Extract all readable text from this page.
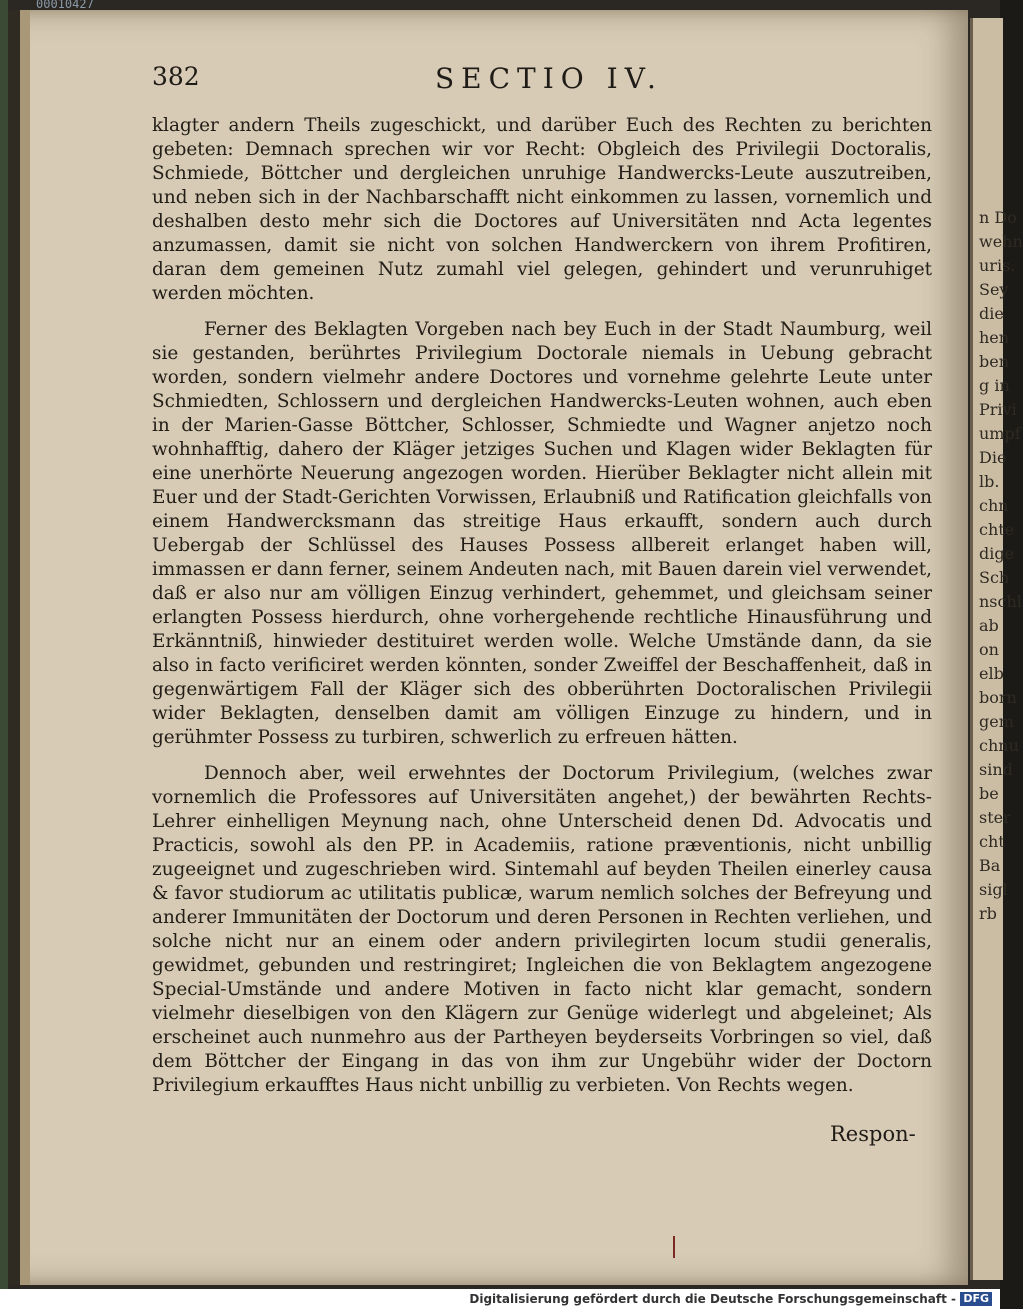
00010427
n Do
wehn
uris.
Sey
die
hen
ben
g in
Privi
umpf
Die
lb.
chn
chte
dige
Sch
nschl
ab
on
elb
born
gem
chnu
sind
be
ster
cht
Ba
sigl
rb
382	SECTIO IV.

klagter andern Theils zugeschickt, und darüber Euch des Rechten zu berichten gebeten: Demnach sprechen wir vor Recht: Obgleich des Privilegii Doctoralis, Schmiede, Böttcher und dergleichen unruhige Handwercks-Leute auszutreiben, und neben sich in der Nachbarschafft nicht einkommen zu lassen, vornemlich und deshalben desto mehr sich die Doctores auf Universitäten nnd Acta legentes anzumassen, damit sie nicht von solchen Handwerckern von ihrem Profitiren, daran dem gemeinen Nutz zumahl viel gelegen, gehindert und verunruhiget werden möchten.

Ferner des Beklagten Vorgeben nach bey Euch in der Stadt Naumburg, weil sie gestanden, berührtes Privilegium Doctorale niemals in Uebung gebracht worden, sondern vielmehr andere Doctores und vornehme gelehrte Leute unter Schmiedten, Schlossern und dergleichen Handwercks-Leuten wohnen, auch eben in der Marien-Gasse Böttcher, Schlosser, Schmiedte und Wagner anjetzo noch wohnhafftig, dahero der Kläger jetziges Suchen und Klagen wider Beklagten für eine unerhörte Neuerung angezogen worden. Hierüber Beklagter nicht allein mit Euer und der Stadt-Gerichten Vorwissen, Erlaubniß und Ratification gleichfalls von einem Handwercksmann das streitige Haus erkaufft, sondern auch durch Uebergab der Schlüssel des Hauses Possess allbereit erlanget haben will, immassen er dann ferner, seinem Andeuten nach, mit Bauen darein viel verwendet, daß er also nur am völligen Einzug verhindert, gehemmet, und gleichsam seiner erlangten Possess hierdurch, ohne vorhergehende rechtliche Hinausführung und Erkänntniß, hinwieder destituiret werden wolle. Welche Umstände dann, da sie also in facto verificiret werden könnten, sonder Zweiffel der Beschaffenheit, daß in gegenwärtigem Fall der Kläger sich des obberührten Doctoralischen Privilegii wider Beklagten, denselben damit am völligen Einzuge zu hindern, und in gerühmter Possess zu turbiren, schwerlich zu erfreuen hätten.

Dennoch aber, weil erwehntes der Doctorum Privilegium, (welches zwar vornemlich die Professores auf Universitäten angehet,) der bewährten Rechts-Lehrer einhelligen Meynung nach, ohne Unterscheid denen Dd. Advocatis und Practicis, sowohl als den PP. in Academiis, ratione præventionis, nicht unbillig zugeeignet und zugeschrieben wird. Sintemahl auf beyden Theilen einerley causa & favor studiorum ac utilitatis publicæ, warum nemlich solches der Befreyung und anderer Immunitäten der Doctorum und deren Personen in Rechten verliehen, und solche nicht nur an einem oder andern privilegirten locum studii generalis, gewidmet, gebunden und restringiret; Ingleichen die von Beklagtem angezogene Special-Umstände und andere Motiven in facto nicht klar gemacht, sondern vielmehr dieselbigen von den Klägern zur Genüge widerlegt und abgeleinet; Als erscheinet auch nunmehro aus der Partheyen beyderseits Vorbringen so viel, daß dem Böttcher der Eingang in das von ihm zur Ungebühr wider der Doctorn Privilegium erkaufftes Haus nicht unbillig zu verbieten. Von Rechts wegen.

Respon-
Digitalisierung gefördert durch die Deutsche Forschungsgemeinschaft - DFG
